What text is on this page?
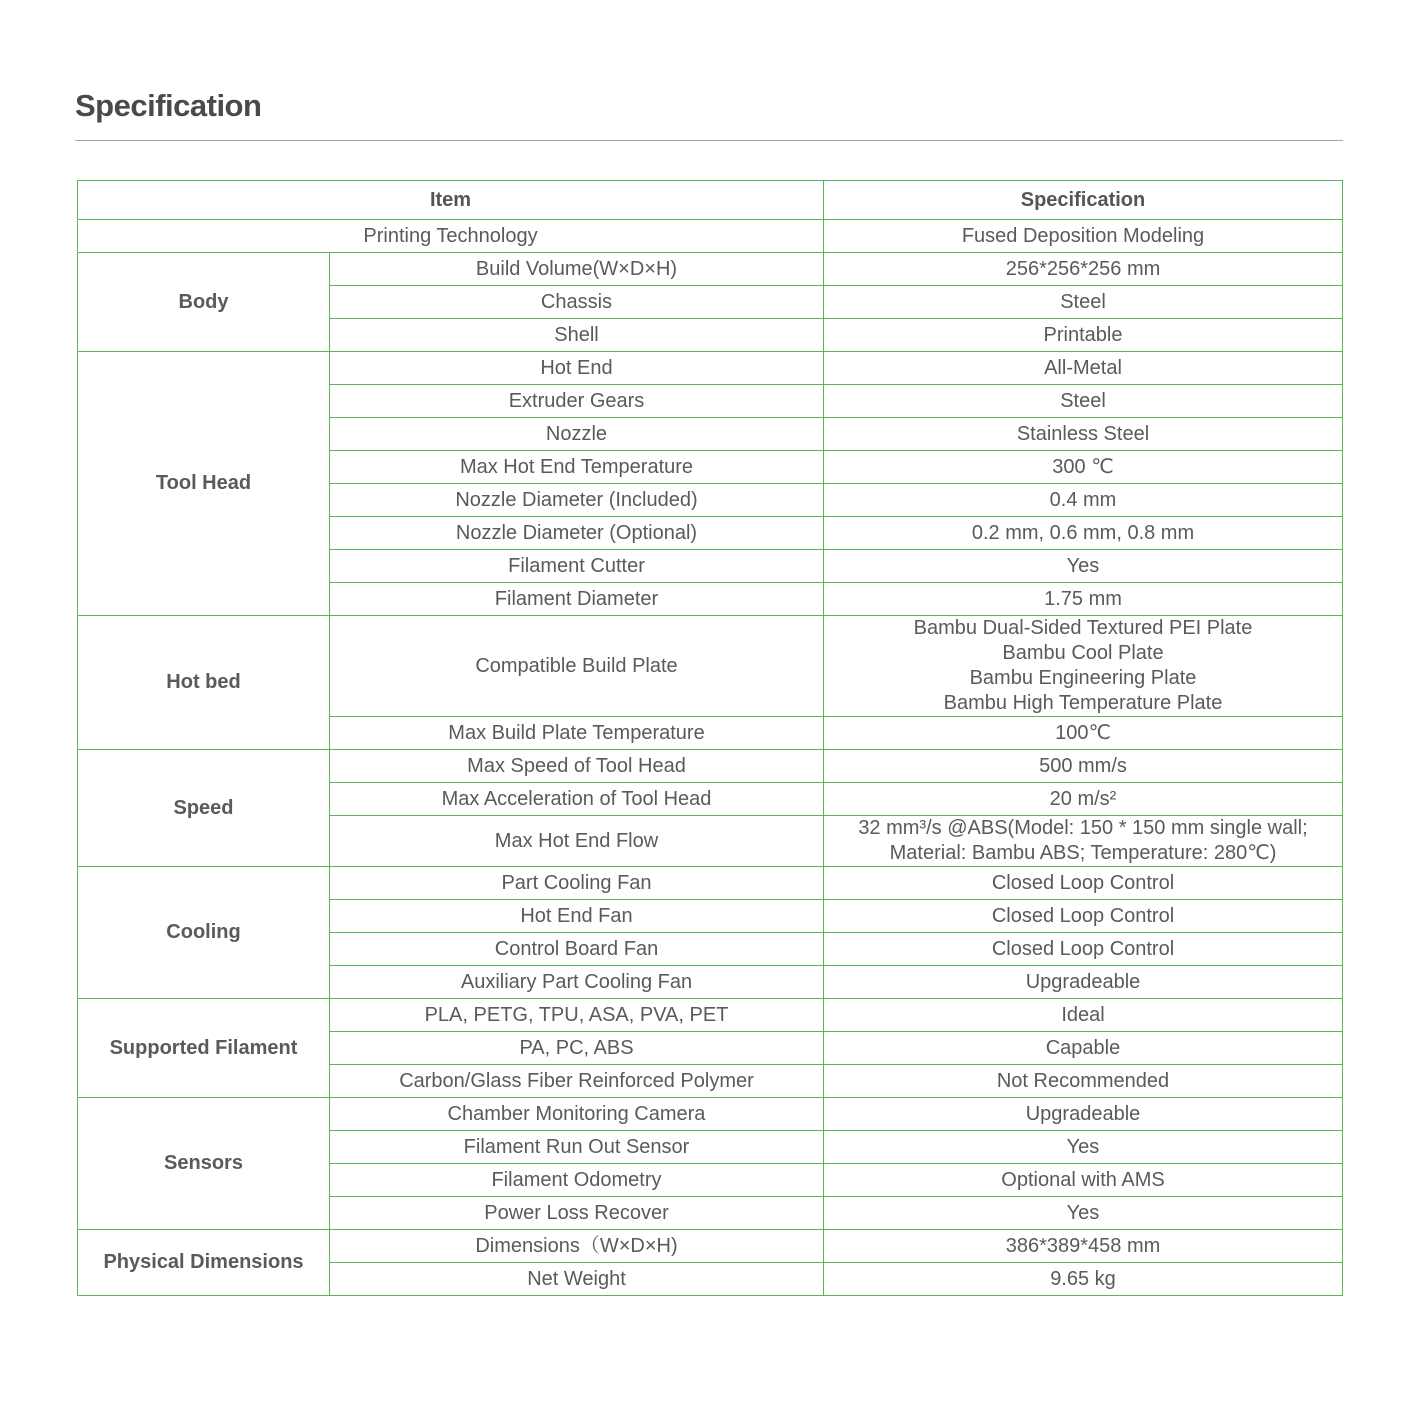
Specification
Item		Specification
Printing Technology		Fused Deposition Modeling
Body	Build Volume(W×D×H)	256*256*256 mm
	Chassis	Steel
	Shell	Printable
Tool Head	Hot End	All-Metal
	Extruder Gears	Steel
	Nozzle	Stainless Steel
	Max Hot End Temperature	300 ℃
	Nozzle Diameter (Included)	0.4 mm
	Nozzle Diameter (Optional)	0.2 mm, 0.6 mm, 0.8 mm
	Filament Cutter	Yes
	Filament Diameter	1.75 mm
Hot bed	Compatible Build Plate	Bambu Dual-Sided Textured PEI Plate
Bambu Cool Plate
Bambu Engineering Plate
Bambu High Temperature Plate

	Max Build Plate Temperature	100℃
Speed	Max Speed of Tool Head	500 mm/s
	Max Acceleration of Tool Head	20 m/s²
	Max Hot End Flow	32 mm³/s @ABS(Model: 150 * 150 mm single wall;
Material: Bambu ABS; Temperature: 280℃)

Cooling	Part Cooling Fan	Closed Loop Control
	Hot End Fan	Closed Loop Control
	Control Board Fan	Closed Loop Control
	Auxiliary Part Cooling Fan	Upgradeable
Supported Filament	PLA, PETG, TPU, ASA, PVA, PET	Ideal
	PA, PC, ABS	Capable
	Carbon/Glass Fiber Reinforced Polymer	Not Recommended
Sensors	Chamber Monitoring Camera	Upgradeable
	Filament Run Out Sensor	Yes
	Filament Odometry	Optional with AMS
	Power Loss Recover	Yes
Physical Dimensions	Dimensions（W×D×H)	386*389*458 mm
	Net Weight	9.65 kg
